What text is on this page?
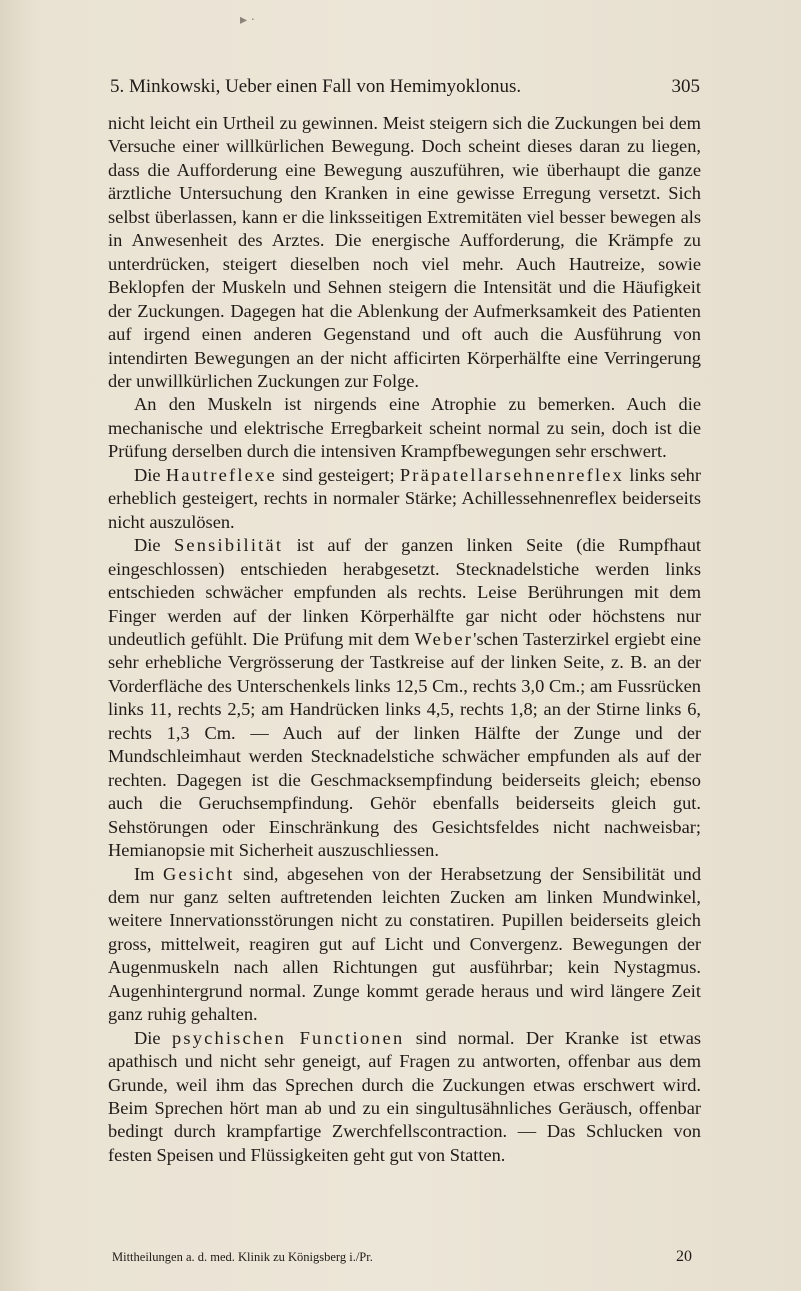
▸ ·
5. Minkowski, Ueber einen Fall von Hemimyoklonus.	305

nicht leicht ein Urtheil zu gewinnen. Meist steigern sich die Zuckungen bei dem Versuche einer willkürlichen Bewegung. Doch scheint dieses daran zu liegen, dass die Aufforderung eine Bewegung auszuführen, wie überhaupt die ganze ärztliche Untersuchung den Kranken in eine gewisse Erregung versetzt. Sich selbst überlassen, kann er die linksseitigen Extremitäten viel besser bewegen als in Anwesenheit des Arztes. Die energische Aufforderung, die Krämpfe zu unterdrücken, steigert dieselben noch viel mehr. Auch Hautreize, sowie Beklopfen der Muskeln und Sehnen steigern die Intensität und die Häufigkeit der Zuckungen. Dagegen hat die Ablenkung der Aufmerksamkeit des Patienten auf irgend einen anderen Gegenstand und oft auch die Ausführung von intendirten Bewegungen an der nicht afficirten Körperhälfte eine Verringerung der unwillkürlichen Zuckungen zur Folge.

An den Muskeln ist nirgends eine Atrophie zu bemerken. Auch die mechanische und elektrische Erregbarkeit scheint normal zu sein, doch ist die Prüfung derselben durch die intensiven Krampfbewegungen sehr erschwert.

Die Hautreflexe sind gesteigert; Präpatellarsehnenreflex links sehr erheblich gesteigert, rechts in normaler Stärke; Achillessehnenreflex beiderseits nicht auszulösen.

Die Sensibilität ist auf der ganzen linken Seite (die Rumpfhaut eingeschlossen) entschieden herabgesetzt. Stecknadelstiche werden links entschieden schwächer empfunden als rechts. Leise Berührungen mit dem Finger werden auf der linken Körperhälfte gar nicht oder höchstens nur undeutlich gefühlt. Die Prüfung mit dem Weber'schen Tasterzirkel ergiebt eine sehr erhebliche Vergrösserung der Tastkreise auf der linken Seite, z. B. an der Vorderfläche des Unterschenkels links 12,5 Cm., rechts 3,0 Cm.; am Fussrücken links 11, rechts 2,5; am Handrücken links 4,5, rechts 1,8; an der Stirne links 6, rechts 1,3 Cm. — Auch auf der linken Hälfte der Zunge und der Mundschleimhaut werden Stecknadelstiche schwächer empfunden als auf der rechten. Dagegen ist die Geschmacksempfindung beiderseits gleich; ebenso auch die Geruchsempfindung. Gehör ebenfalls beiderseits gleich gut. Sehstörungen oder Einschränkung des Gesichtsfeldes nicht nachweisbar; Hemianopsie mit Sicherheit auszuschliessen.

Im Gesicht sind, abgesehen von der Herabsetzung der Sensibilität und dem nur ganz selten auftretenden leichten Zucken am linken Mundwinkel, weitere Innervationsstörungen nicht zu constatiren. Pupillen beiderseits gleich gross, mittelweit, reagiren gut auf Licht und Convergenz. Bewegungen der Augenmuskeln nach allen Richtungen gut ausführbar; kein Nystagmus. Augenhintergrund normal. Zunge kommt gerade heraus und wird längere Zeit ganz ruhig gehalten.

Die psychischen Functionen sind normal. Der Kranke ist etwas apathisch und nicht sehr geneigt, auf Fragen zu antworten, offenbar aus dem Grunde, weil ihm das Sprechen durch die Zuckungen etwas erschwert wird. Beim Sprechen hört man ab und zu ein singultusähnliches Geräusch, offenbar bedingt durch krampfartige Zwerchfellscontraction. — Das Schlucken von festen Speisen und Flüssigkeiten geht gut von Statten.

Mittheilungen a. d. med. Klinik zu Königsberg i./Pr.	20
